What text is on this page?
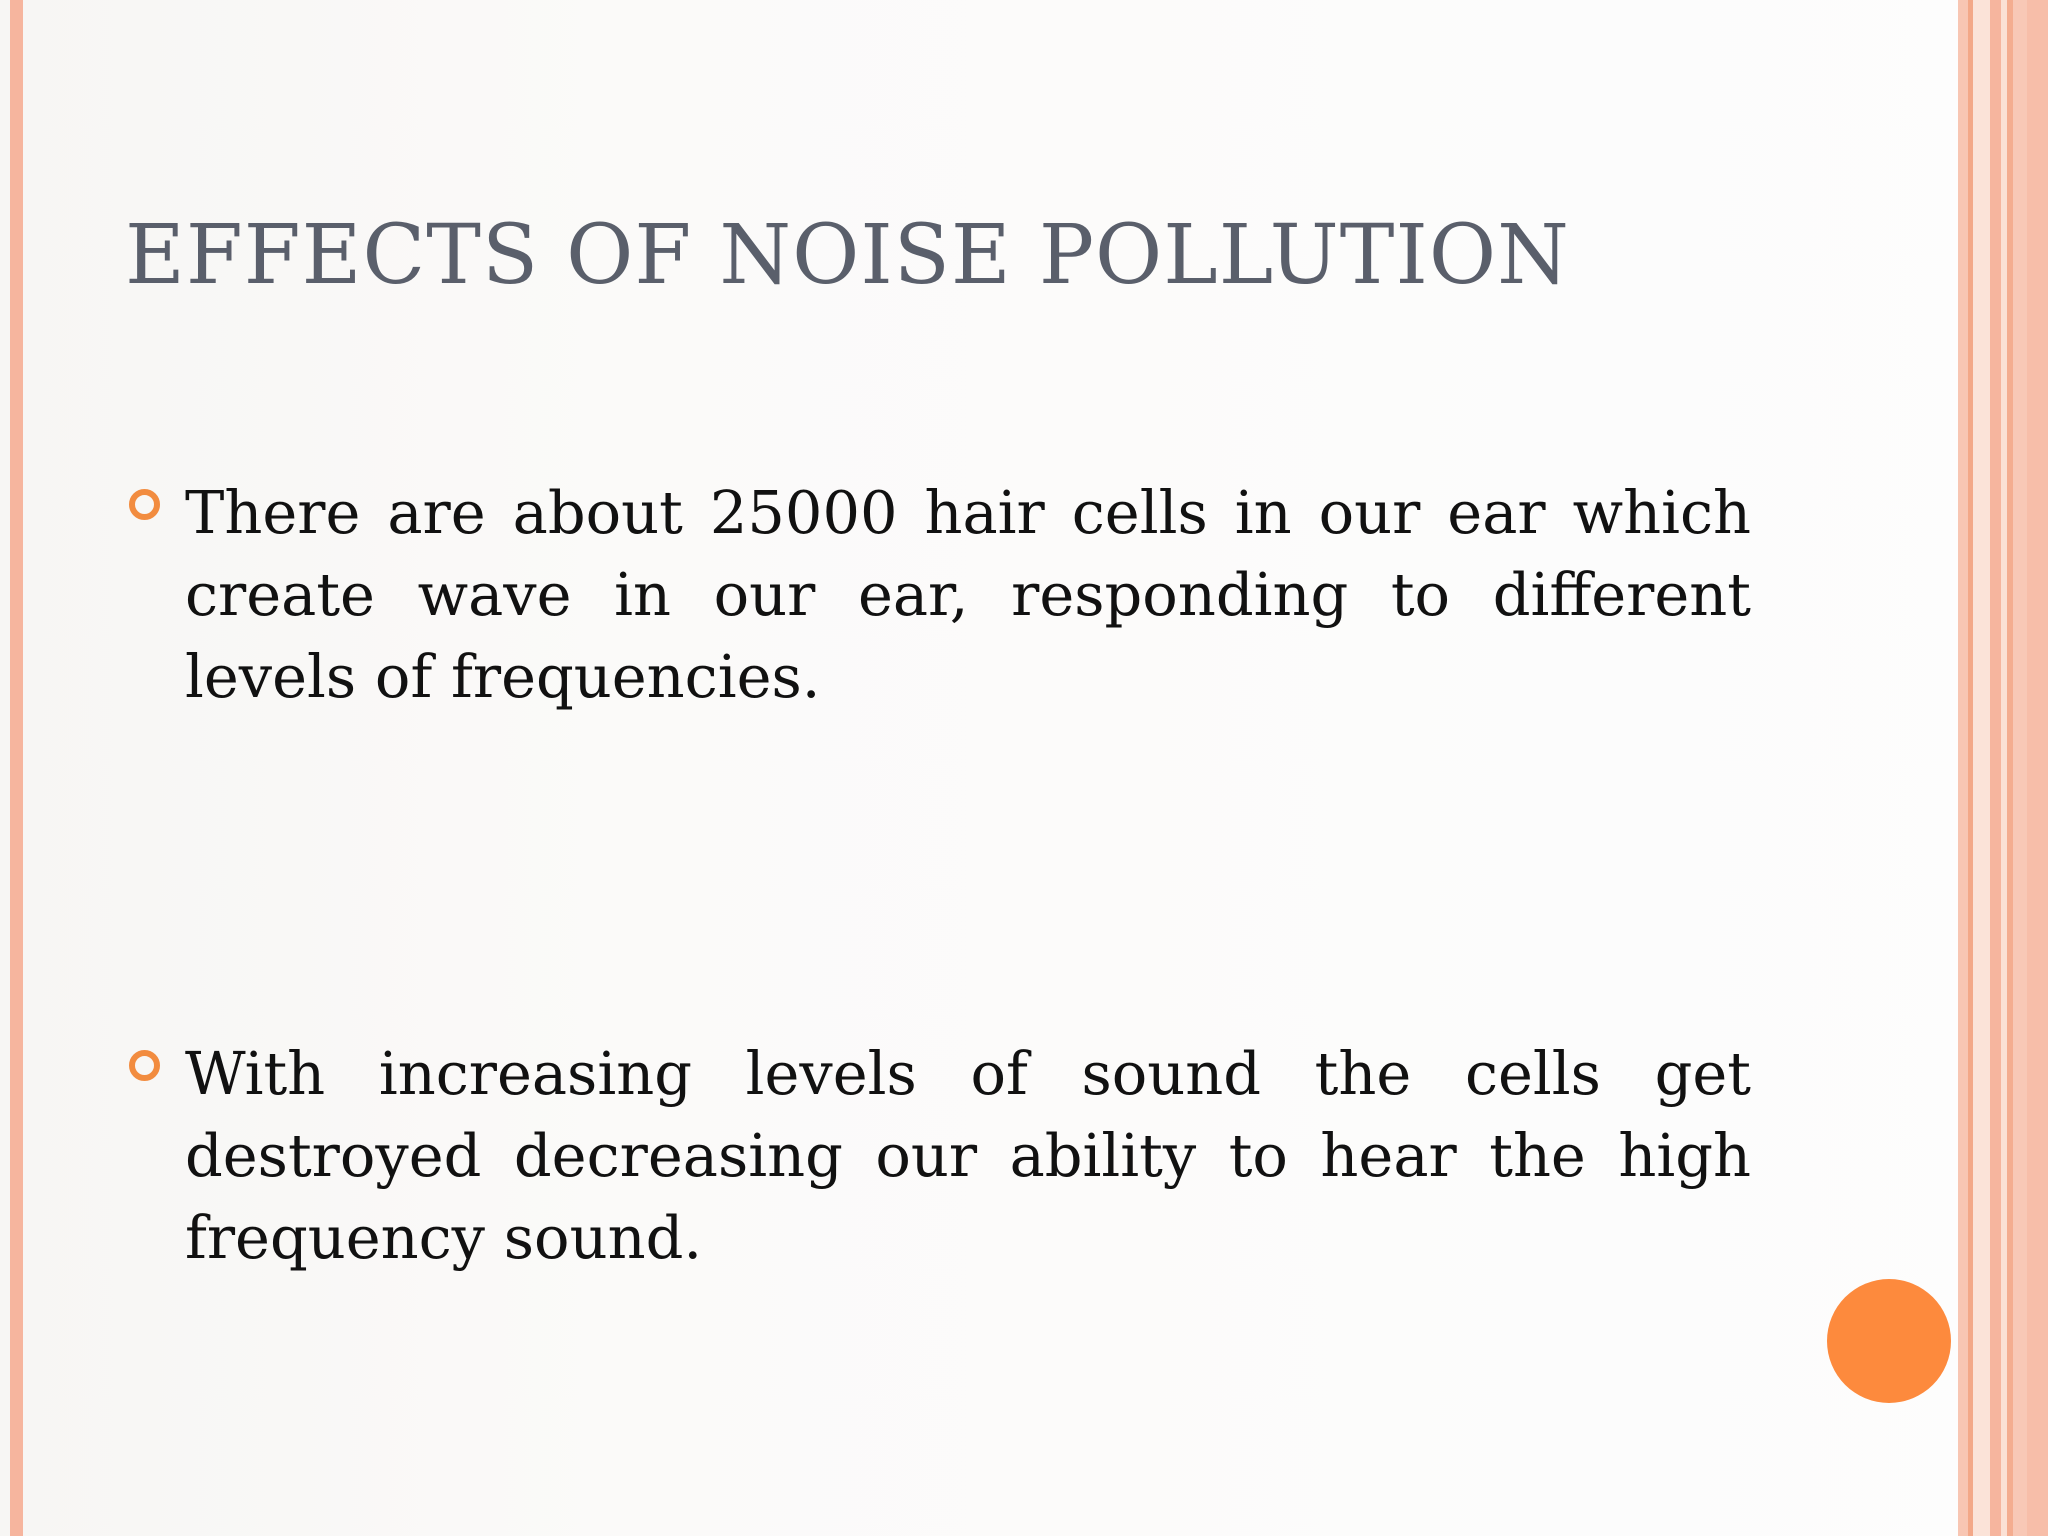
EFFECTS OF NOISE POLLUTION
There are about 25000 hair cells in our ear which create wave in our ear, responding to different levels of frequencies.
With increasing levels of sound the cells get destroyed decreasing our ability to hear the high frequency sound.
